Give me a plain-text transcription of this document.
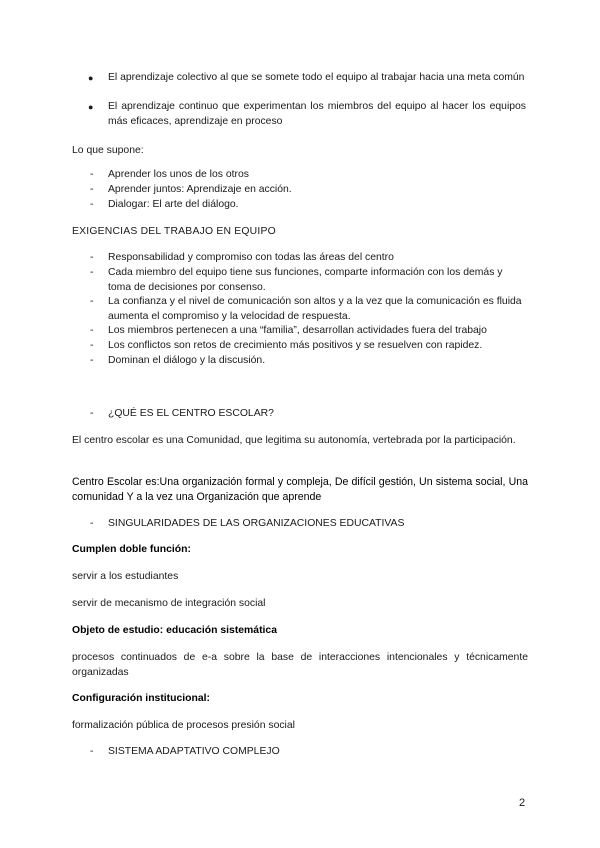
● El aprendizaje colectivo al que se somete todo el equipo al trabajar hacia una meta común
● El aprendizaje continuo que experimentan los miembros del equipo al hacer los equipos más eficaces, aprendizaje en proceso
Lo que supone:
- Aprender los unos de los otros
- Aprender juntos: Aprendizaje en acción.
- Dialogar: El arte del diálogo.
EXIGENCIAS DEL TRABAJO EN EQUIPO
- Responsabilidad y compromiso con todas las áreas del centro
- Cada miembro del equipo tiene sus funciones, comparte información con los demás y toma de decisiones por consenso.
- La confianza y el nivel de comunicación son altos y a la vez que la comunicación es fluida aumenta el compromiso y la velocidad de respuesta.
- Los miembros pertenecen a una “familia”, desarrollan actividades fuera del trabajo
- Los conflictos son retos de crecimiento más positivos y se resuelven con rapidez.
- Dominan el diálogo y la discusión.
- ¿QUÉ ES EL CENTRO ESCOLAR?
El centro escolar es una Comunidad, que legitima su autonomía, vertebrada por la participación.
Centro Escolar es:Una organización formal y compleja, De difícil gestión, Un sistema social, Una comunidad Y a la vez una Organización que aprende
- SINGULARIDADES DE LAS ORGANIZACIONES EDUCATIVAS
Cumplen doble función:
servir a los estudiantes
servir de mecanismo de integración social
Objeto de estudio: educación sistemática
procesos continuados de e-a sobre la base de interacciones intencionales y técnicamente organizadas
Configuración institucional:
formalización pública de procesos presión social
- SISTEMA ADAPTATIVO COMPLEJO
2
